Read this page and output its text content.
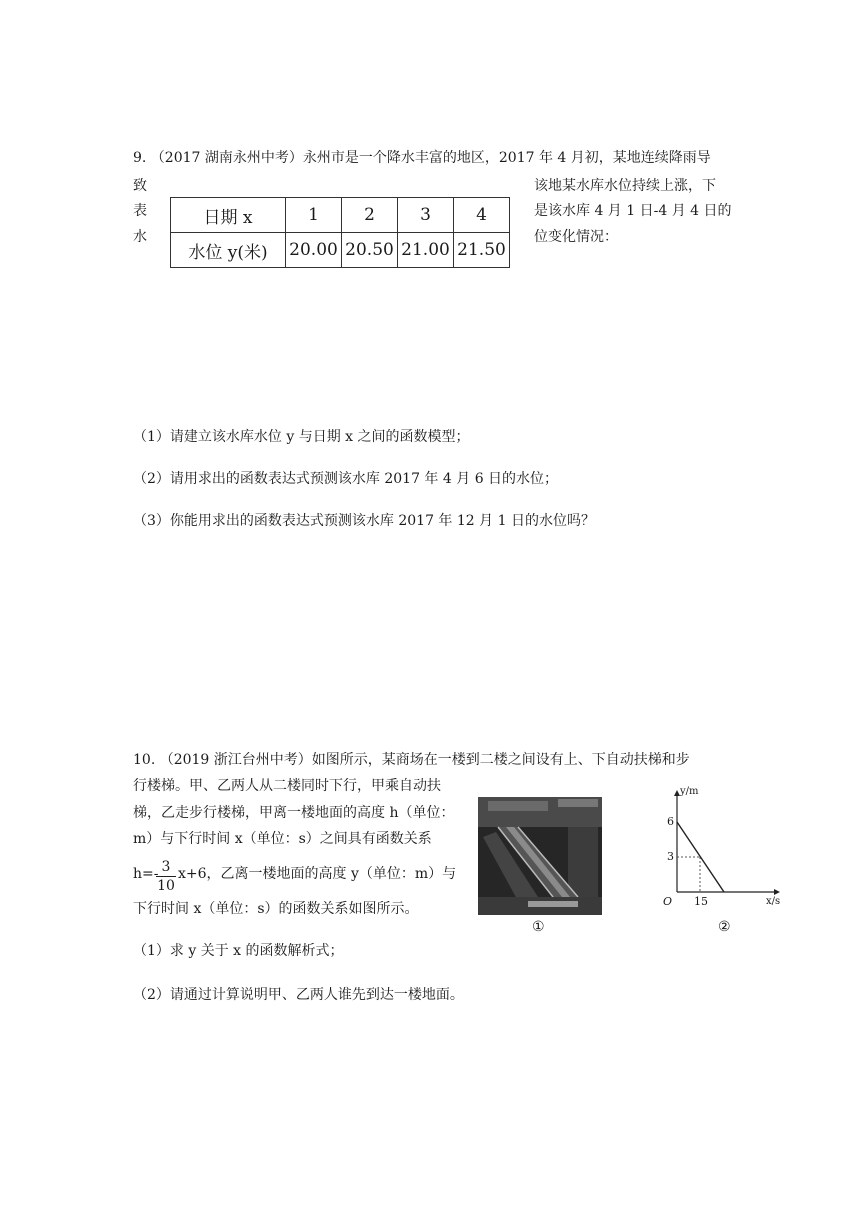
9. （2017 湖南永州中考）永州市是一个降水丰富的地区，2017 年 4 月初，某地连续降雨导
致
表
水
该地某水库水位持续上涨，下
是该水库 4 月 1 日-4 月 4 日的
位变化情况：
日期 x	1	2	3	4
水位 y(米)	20.00	20.50	21.00	21.50
（1）请建立该水库水位 y 与日期 x 之间的函数模型；
（2）请用求出的函数表达式预测该水库 2017 年 4 月 6 日的水位；
（3）你能用求出的函数表达式预测该水库 2017 年 12 月 1 日的水位吗？
10. （2019 浙江台州中考）如图所示，某商场在一楼到二楼之间设有上、下自动扶梯和步
行楼梯。甲、乙两人从二楼同时下行，甲乘自动扶
梯，乙走步行楼梯，甲离一楼地面的高度 h（单位：
m）与下行时间 x（单位：s）之间具有函数关系
h=-
$\frac{3}{10} x+6$，乙离一楼地面的高度 y（单位：m）与
下行时间 x（单位：s）的函数关系如图所示。
①
y/m
x/s
O
6
3
15
②
（1）求 y 关于 x 的函数解析式；
（2）请通过计算说明甲、乙两人谁先到达一楼地面。
